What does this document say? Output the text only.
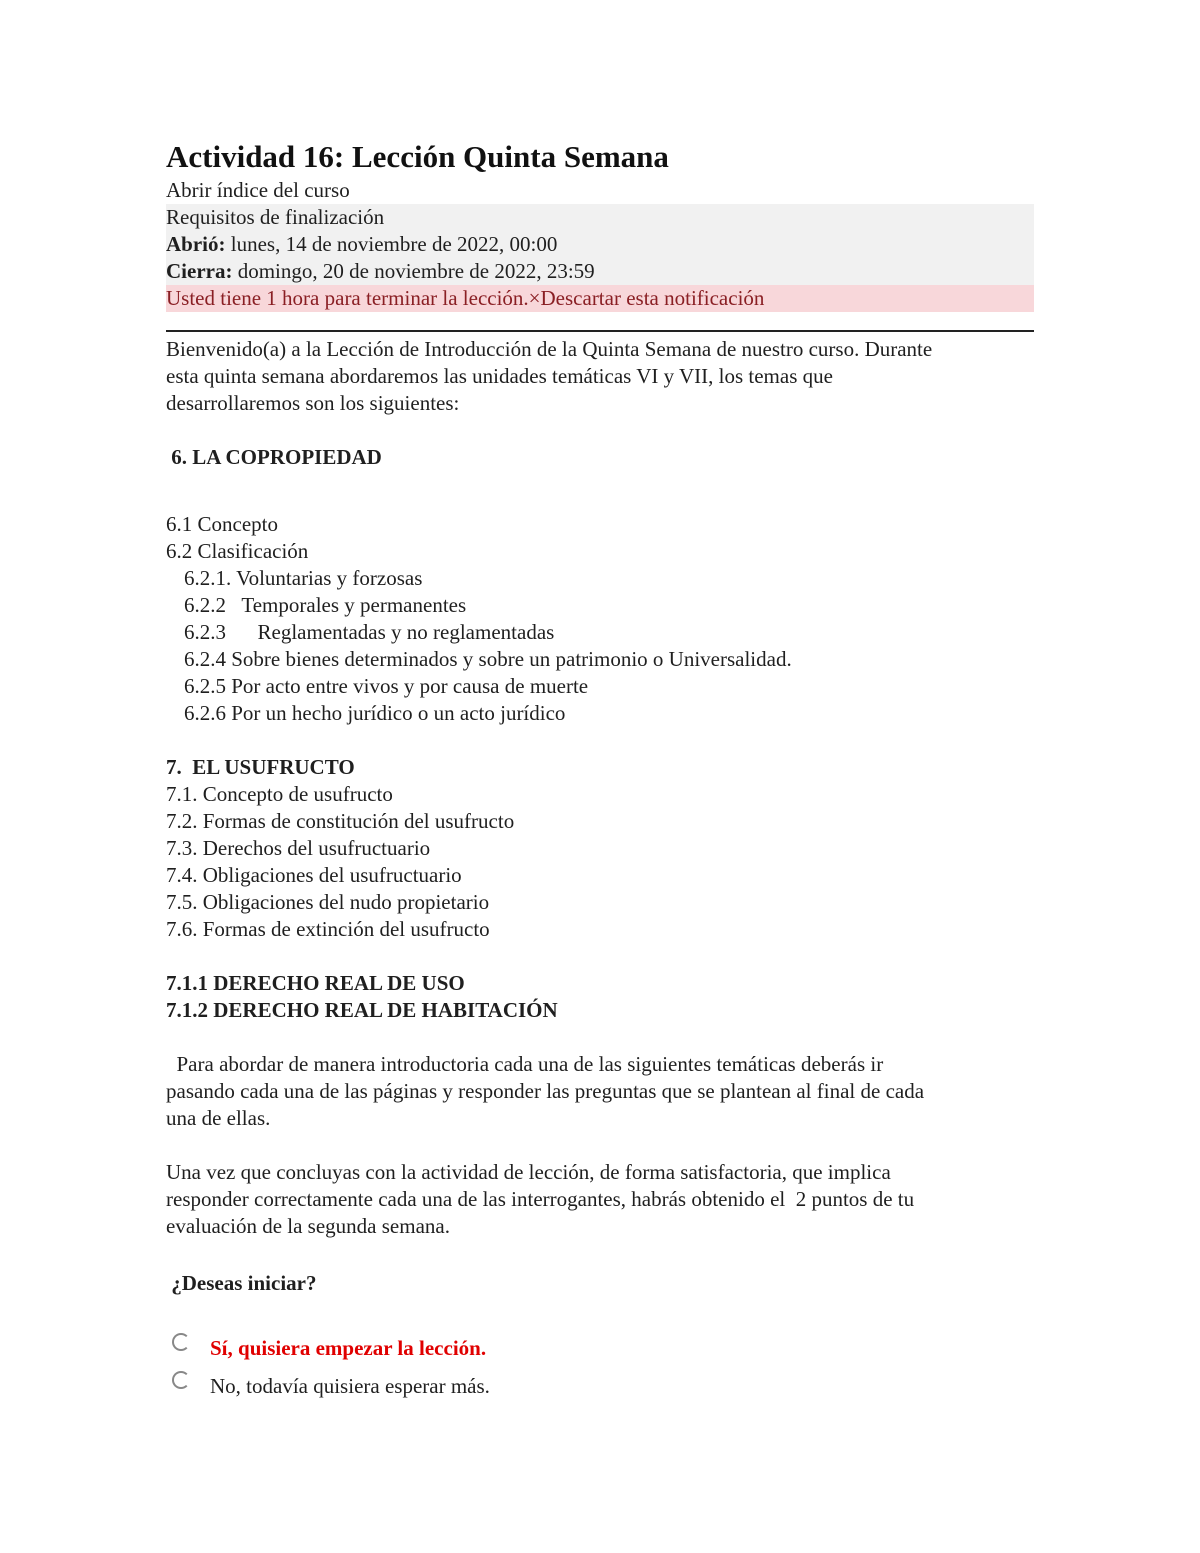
Actividad 16: Lección Quinta Semana
Abrir índice del curso
Requisitos de finalización
Abrió: lunes, 14 de noviembre de 2022, 00:00
Cierra: domingo, 20 de noviembre de 2022, 23:59
Usted tiene 1 hora para terminar la lección. × Descartar esta notificación

Bienvenido(a) a la Lección de Introducción de la Quinta Semana de nuestro curso. Durante

esta quinta semana abordaremos las unidades temáticas VI y VII, los temas que

desarrollaremos son los siguientes:

6. LA COPROPIEDAD

6.1 Concepto

6.2 Clasificación

6.2.1. Voluntarias y forzosas

6.2.2   Temporales y permanentes

6.2.3      Reglamentadas y no reglamentadas

6.2.4 Sobre bienes determinados y sobre un patrimonio o Universalidad.

6.2.5 Por acto entre vivos y por causa de muerte

6.2.6 Por un hecho jurídico o un acto jurídico

7.  EL USUFRUCTO

7.1. Concepto de usufructo

7.2. Formas de constitución del usufructo

7.3. Derechos del usufructuario

7.4. Obligaciones del usufructuario

7.5. Obligaciones del nudo propietario

7.6. Formas de extinción del usufructo

7.1.1 DERECHO REAL DE USO

7.1.2 DERECHO REAL DE HABITACIÓN

Para abordar de manera introductoria cada una de las siguientes temáticas deberás ir

pasando cada una de las páginas y responder las preguntas que se plantean al final de cada

una de ellas.

Una vez que concluyas con la actividad de lección, de forma satisfactoria, que implica

responder correctamente cada una de las interrogantes, habrás obtenido el  2 puntos de tu

evaluación de la segunda semana.

¿Deseas iniciar?

Sí, quisiera empezar la lección.
No, todavía quisiera esperar más.
